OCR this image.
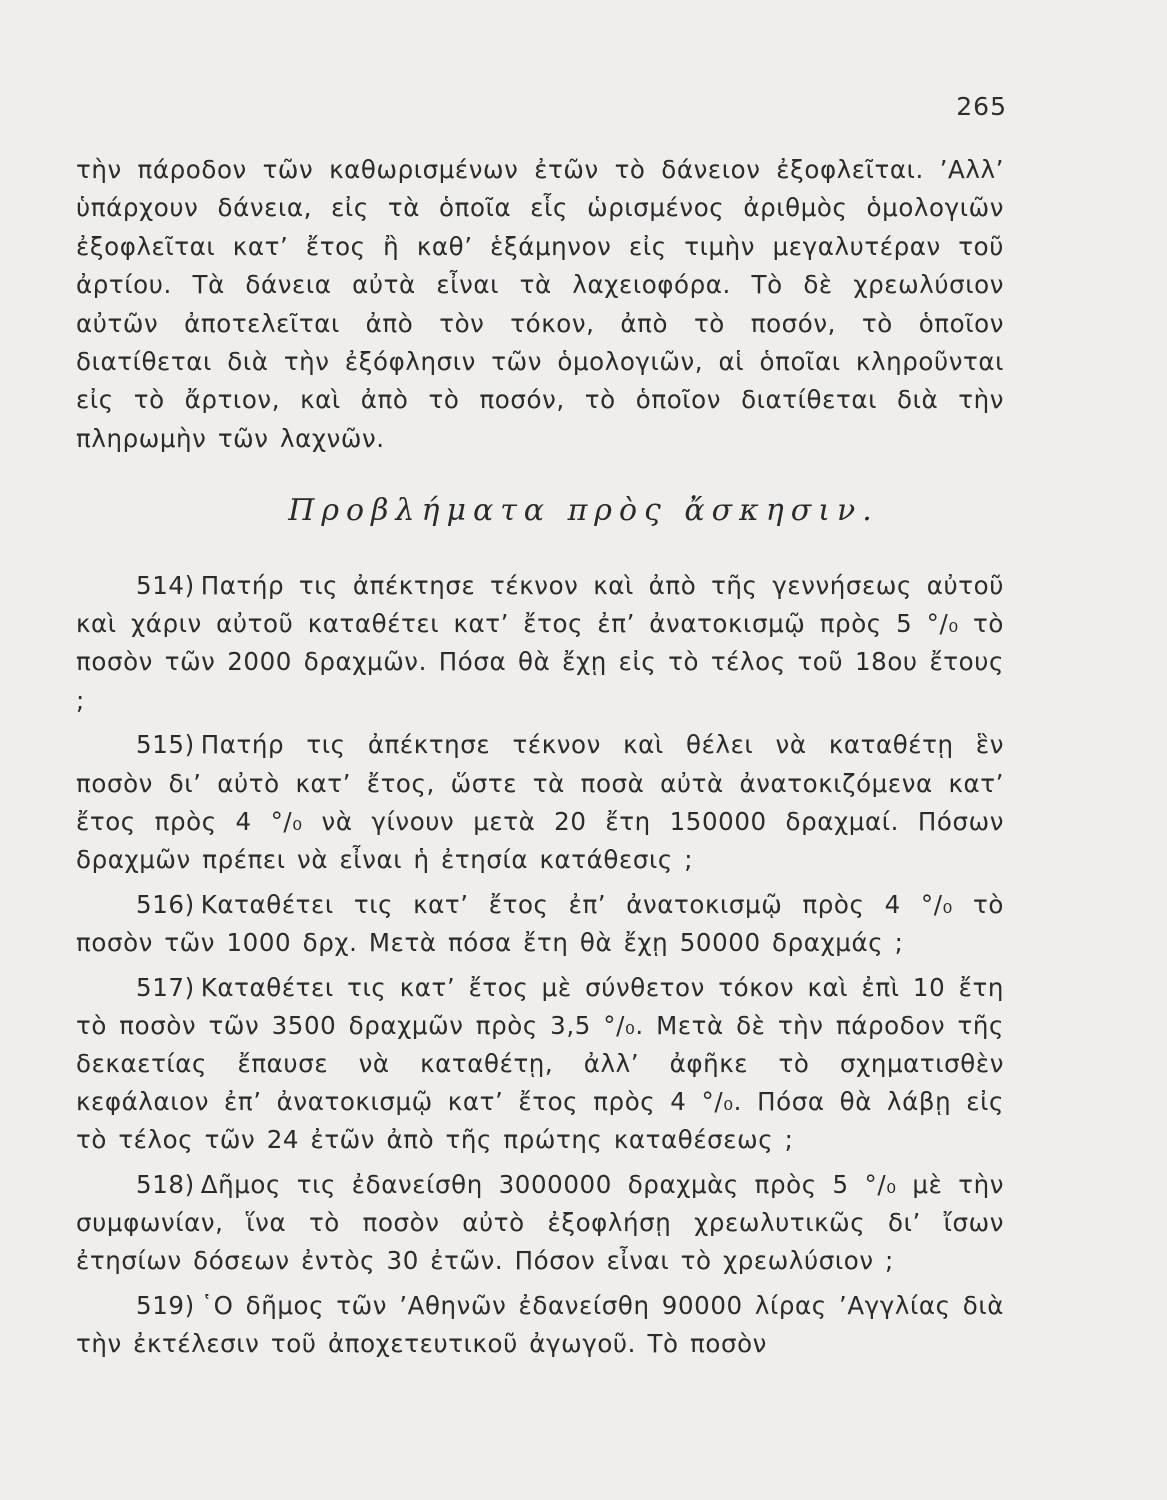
265

τὴν πάροδον τῶν καθωρισμένων ἐτῶν τὸ δάνειον ἐξοφλεῖται. ’Αλλ’ ὑπάρχουν δάνεια, εἰς τὰ ὁποῖα εἷς ὡρισμένος ἀριθμὸς ὁμολογιῶν ἐξοφλεῖται κατ’ ἔτος ἢ καθ’ ἑξάμηνον εἰς τιμὴν μεγαλυτέραν τοῦ ἀρτίου. Τὰ δάνεια αὐτὰ εἶναι τὰ λαχειοφόρα. Τὸ δὲ χρεωλύσιον αὐτῶν ἀποτελεῖται ἀπὸ τὸν τόκον, ἀπὸ τὸ ποσόν, τὸ ὁποῖον διατίθεται διὰ τὴν ἐξόφλησιν τῶν ὁμολογιῶν, αἱ ὁποῖαι κληροῦνται εἰς τὸ ἄρτιον, καὶ ἀπὸ τὸ ποσόν, τὸ ὁποῖον διατίθεται διὰ τὴν πληρωμὴν τῶν λαχνῶν.

Προβλήματα πρὸς ἄσκησιν.

514) Πατήρ τις ἀπέκτησε τέκνον καὶ ἀπὸ τῆς γεννήσεως αὐτοῦ καὶ χάριν αὐτοῦ καταθέτει κατ’ ἔτος ἐπ’ ἀνατοκισμῷ πρὸς 5 °/₀ τὸ ποσὸν τῶν 2000 δραχμῶν. Πόσα θὰ ἔχῃ εἰς τὸ τέλος τοῦ 18ου ἔτους ;

515) Πατήρ τις ἀπέκτησε τέκνον καὶ θέλει νὰ καταθέτῃ ἓν ποσὸν δι’ αὐτὸ κατ’ ἔτος, ὥστε τὰ ποσὰ αὐτὰ ἀνατοκιζόμενα κατ’ ἔτος πρὸς 4 °/₀ νὰ γίνουν μετὰ 20 ἔτη 150000 δραχμαί. Πόσων δραχμῶν πρέπει νὰ εἶναι ἡ ἐτησία κατάθεσις ;

516) Καταθέτει τις κατ’ ἔτος ἐπ’ ἀνατοκισμῷ πρὸς 4 °/₀ τὸ ποσὸν τῶν 1000 δρχ. Μετὰ πόσα ἔτη θὰ ἔχῃ 50000 δραχμάς ;

517) Καταθέτει τις κατ’ ἔτος μὲ σύνθετον τόκον καὶ ἐπὶ 10 ἔτη τὸ ποσὸν τῶν 3500 δραχμῶν πρὸς 3,5 °/₀. Μετὰ δὲ τὴν πάροδον τῆς δεκαετίας ἔπαυσε νὰ καταθέτῃ, ἀλλ’ ἀφῆκε τὸ σχηματισθὲν κεφάλαιον ἐπ’ ἀνατοκισμῷ κατ’ ἔτος πρὸς 4 °/₀. Πόσα θὰ λάβῃ εἰς τὸ τέλος τῶν 24 ἐτῶν ἀπὸ τῆς πρώτης καταθέσεως ;

518) Δῆμος τις ἐδανείσθη 3000000 δραχμὰς πρὸς 5 °/₀ μὲ τὴν συμφωνίαν, ἵνα τὸ ποσὸν αὐτὸ ἐξοφλήσῃ χρεωλυτικῶς δι’ ἴσων ἐτησίων δόσεων ἐντὸς 30 ἐτῶν. Πόσον εἶναι τὸ χρεωλύσιον ;

519) ῾Ο δῆμος τῶν ’Αθηνῶν ἐδανείσθη 90000 λίρας ’Αγγλίας διὰ τὴν ἐκτέλεσιν τοῦ ἀποχετευτικοῦ ἀγωγοῦ. Τὸ ποσὸν
